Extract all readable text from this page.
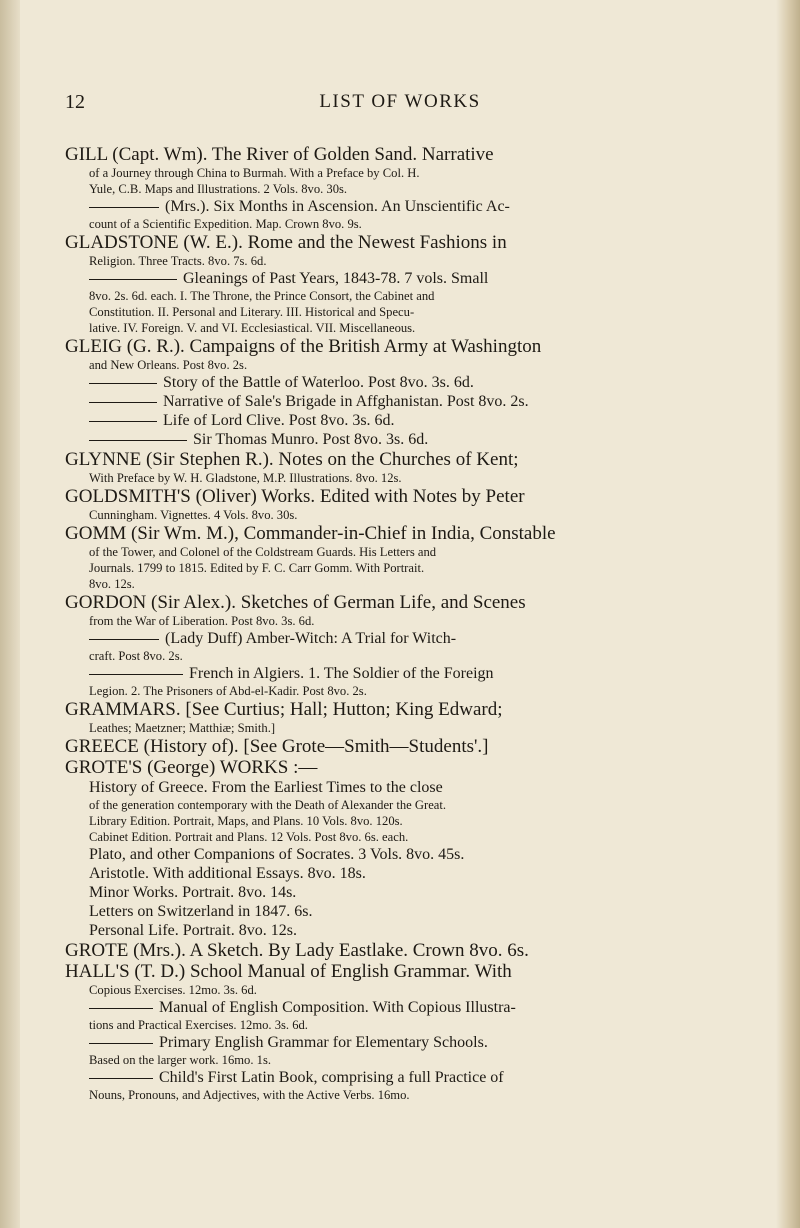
12	LIST OF WORKS
GILL (Capt. Wm). The River of Golden Sand. Narrative
of a Journey through China to Burmah. With a Preface by Col. H.
Yule, C.B. Maps and Illustrations. 2 Vols. 8vo. 30s.
(Mrs.). Six Months in Ascension. An Unscientific Ac-
count of a Scientific Expedition. Map. Crown 8vo. 9s.
GLADSTONE (W. E.). Rome and the Newest Fashions in
Religion. Three Tracts. 8vo. 7s. 6d.
Gleanings of Past Years, 1843-78. 7 vols. Small
8vo. 2s. 6d. each. I. The Throne, the Prince Consort, the Cabinet and
Constitution. II. Personal and Literary. III. Historical and Specu-
lative. IV. Foreign. V. and VI. Ecclesiastical. VII. Miscellaneous.
GLEIG (G. R.). Campaigns of the British Army at Washington
and New Orleans. Post 8vo. 2s.
Story of the Battle of Waterloo. Post 8vo. 3s. 6d.
Narrative of Sale's Brigade in Affghanistan. Post 8vo. 2s.
Life of Lord Clive. Post 8vo. 3s. 6d.
Sir Thomas Munro. Post 8vo. 3s. 6d.
GLYNNE (Sir Stephen R.). Notes on the Churches of Kent;
With Preface by W. H. Gladstone, M.P. Illustrations. 8vo. 12s.
GOLDSMITH'S (Oliver) Works. Edited with Notes by Peter
Cunningham. Vignettes. 4 Vols. 8vo. 30s.
GOMM (Sir Wm. M.), Commander-in-Chief in India, Constable
of the Tower, and Colonel of the Coldstream Guards. His Letters and
Journals. 1799 to 1815. Edited by F. C. Carr Gomm. With Portrait.
8vo. 12s.
GORDON (Sir Alex.). Sketches of German Life, and Scenes
from the War of Liberation. Post 8vo. 3s. 6d.
(Lady Duff) Amber-Witch: A Trial for Witch-
craft. Post 8vo. 2s.
French in Algiers. 1. The Soldier of the Foreign
Legion. 2. The Prisoners of Abd-el-Kadir. Post 8vo. 2s.
GRAMMARS. [See Curtius; Hall; Hutton; King Edward;
Leathes; Maetzner; Matthiæ; Smith.]
GREECE (History of). [See Grote—Smith—Students'.]
GROTE'S (George) WORKS :—
History of Greece. From the Earliest Times to the close
of the generation contemporary with the Death of Alexander the Great.
Library Edition. Portrait, Maps, and Plans. 10 Vols. 8vo. 120s.
Cabinet Edition. Portrait and Plans. 12 Vols. Post 8vo. 6s. each.
Plato, and other Companions of Socrates. 3 Vols. 8vo. 45s.
Aristotle. With additional Essays. 8vo. 18s.
Minor Works. Portrait. 8vo. 14s.
Letters on Switzerland in 1847. 6s.
Personal Life. Portrait. 8vo. 12s.
GROTE (Mrs.). A Sketch. By Lady Eastlake. Crown 8vo. 6s.
HALL'S (T. D.) School Manual of English Grammar. With
Copious Exercises. 12mo. 3s. 6d.
Manual of English Composition. With Copious Illustra-
tions and Practical Exercises. 12mo. 3s. 6d.
Primary English Grammar for Elementary Schools.
Based on the larger work. 16mo. 1s.
Child's First Latin Book, comprising a full Practice of
Nouns, Pronouns, and Adjectives, with the Active Verbs. 16mo.
